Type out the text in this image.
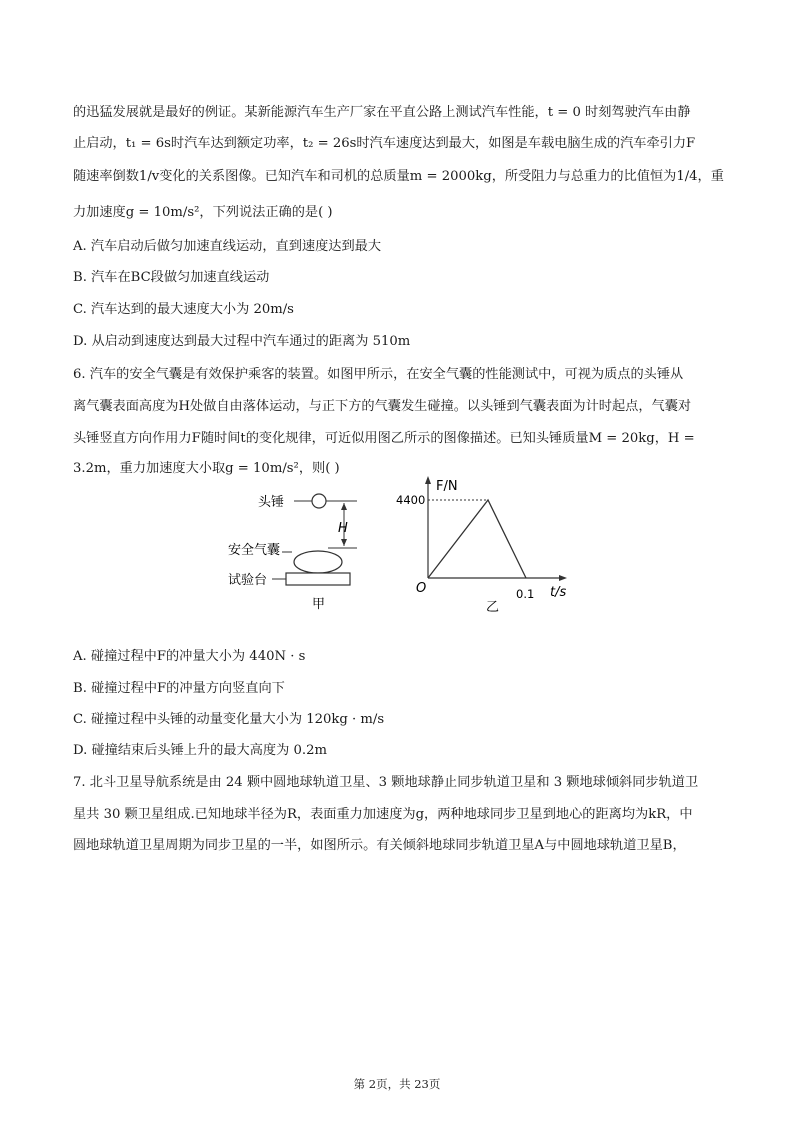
的迅猛发展就是最好的例证。某新能源汽车生产厂家在平直公路上测试汽车性能，t = 0 时刻驾驶汽车由静
止启动，t₁ = 6s时汽车达到额定功率，t₂ = 26s时汽车速度达到最大，如图是车载电脑生成的汽车牵引力F
随速率倒数1/v变化的关系图像。已知汽车和司机的总质量m = 2000kg，所受阻力与总重力的比值恒为1/4，重
力加速度g = 10m/s²，下列说法正确的是( )
A. 汽车启动后做匀加速直线运动，直到速度达到最大
B. 汽车在BC段做匀加速直线运动
C. 汽车达到的最大速度大小为 20m/s
D. 从启动到速度达到最大过程中汽车通过的距离为 510m
6. 汽车的安全气囊是有效保护乘客的装置。如图甲所示，在安全气囊的性能测试中，可视为质点的头锤从
离气囊表面高度为H处做自由落体运动，与正下方的气囊发生碰撞。以头锤到气囊表面为计时起点，气囊对
头锤竖直方向作用力F随时间t的变化规律，可近似用图乙所示的图像描述。已知头锤质量M = 20kg，H =
3.2m，重力加速度大小取g = 10m/s²，则( )
头锤
H
安全气囊
试验台
甲
F/N
t/s
O
4400
0.1
乙
A. 碰撞过程中F的冲量大小为 440N · s
B. 碰撞过程中F的冲量方向竖直向下
C. 碰撞过程中头锤的动量变化量大小为 120kg · m/s
D. 碰撞结束后头锤上升的最大高度为 0.2m
7. 北斗卫星导航系统是由 24 颗中圆地球轨道卫星、3 颗地球静止同步轨道卫星和 3 颗地球倾斜同步轨道卫
星共 30 颗卫星组成.已知地球半径为R，表面重力加速度为g，两种地球同步卫星到地心的距离均为kR，中
圆地球轨道卫星周期为同步卫星的一半，如图所示。有关倾斜地球同步轨道卫星A与中圆地球轨道卫星B，
第 2页，共 23页
